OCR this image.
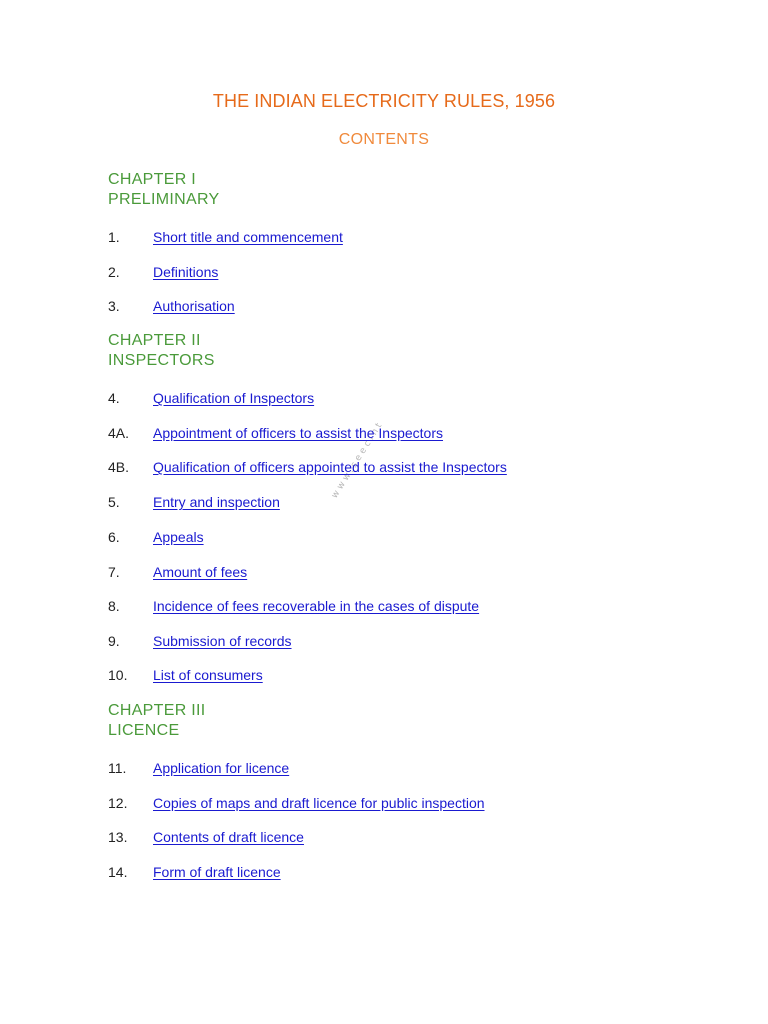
THE INDIAN ELECTRICITY RULES, 1956
CONTENTS
www.seecint
CHAPTER I
PRELIMINARY
1. Short title and commencement
2. Definitions
3. Authorisation
CHAPTER II
INSPECTORS
4. Qualification of Inspectors
4A. Appointment of officers to assist the Inspectors
4B. Qualification of officers appointed to assist the Inspectors
5. Entry and inspection
6. Appeals
7. Amount of fees
8. Incidence of fees recoverable in the cases of dispute
9. Submission of records
10. List of consumers
CHAPTER III
LICENCE
11. Application for licence
12. Copies of maps and draft licence for public inspection
13. Contents of draft licence
14. Form of draft licence
